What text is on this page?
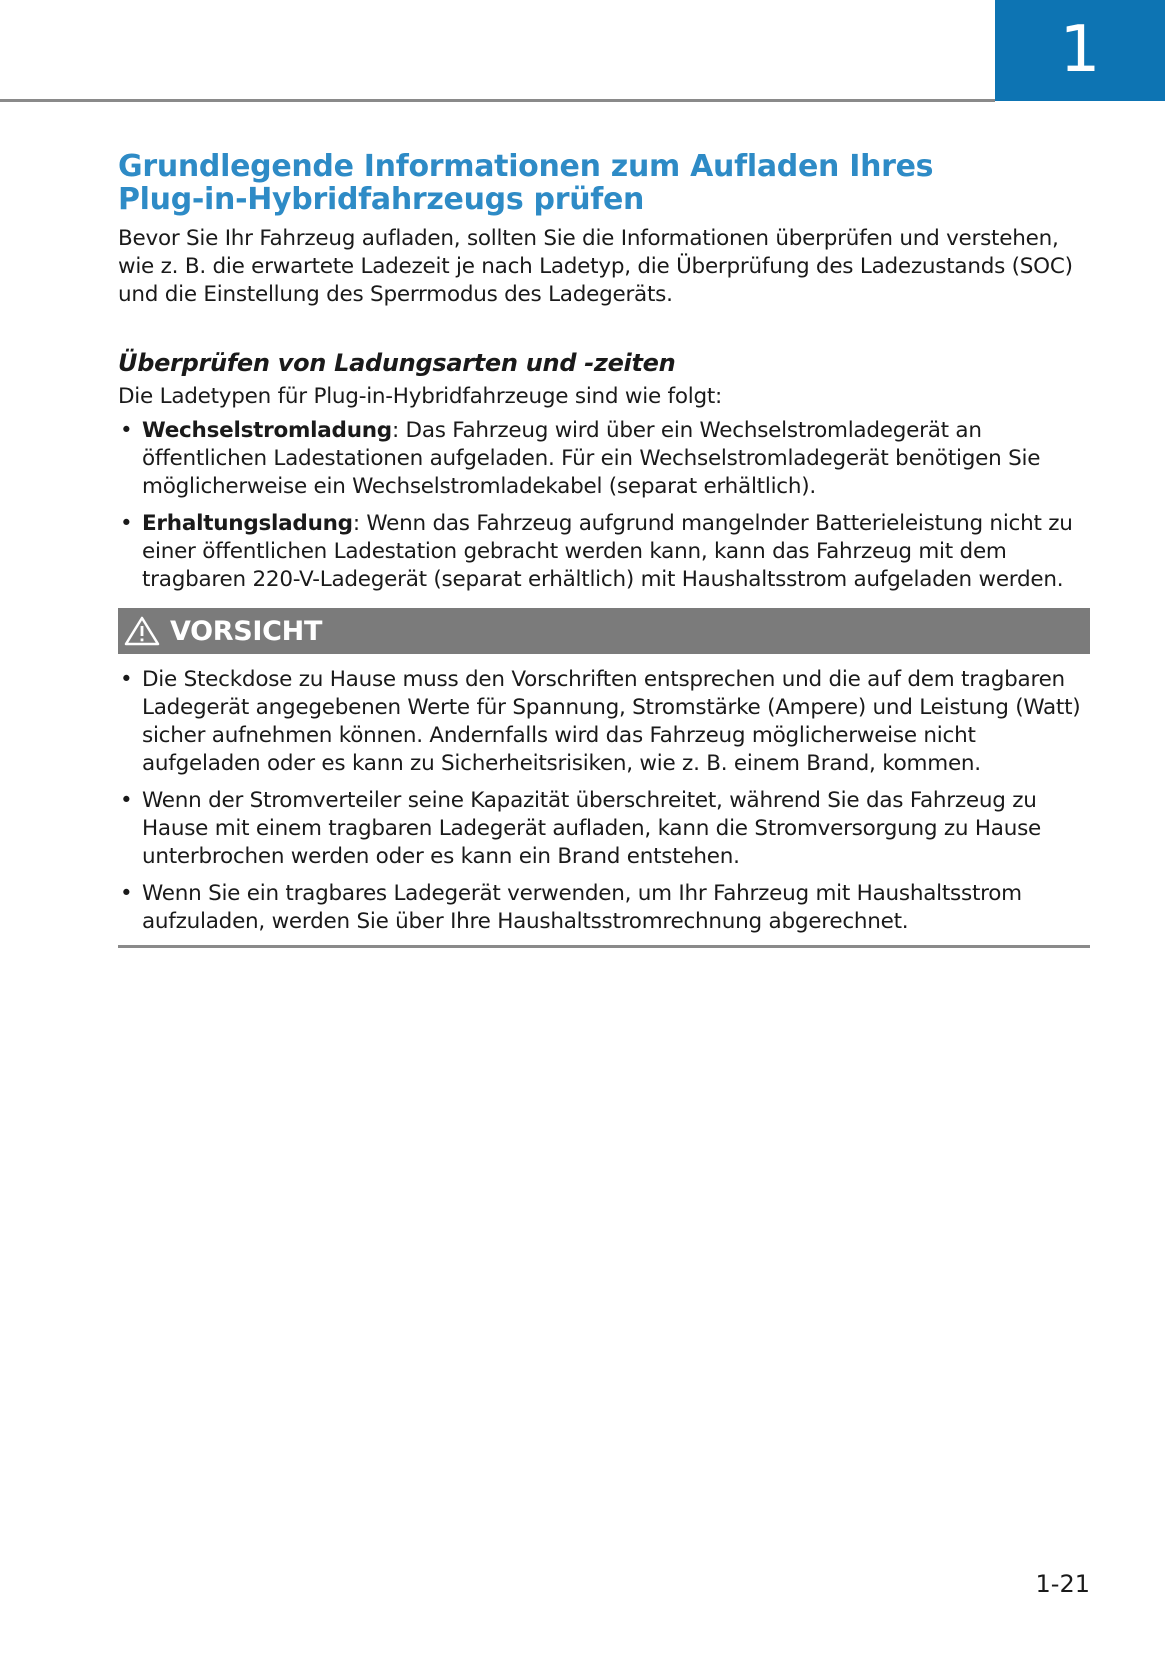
1
Grundlegende Informationen zum Aufladen Ihres
Plug-in-Hybridfahrzeugs prüfen

Bevor Sie Ihr Fahrzeug aufladen, sollten Sie die Informationen überprüfen und verstehen, wie z. B. die erwartete Ladezeit je nach Ladetyp, die Überprüfung des Ladezustands (SOC) und die Einstellung des Sperrmodus des Ladegeräts.

Überprüfen von Ladungsarten und -zeiten

Die Ladetypen für Plug-in-Hybridfahrzeuge sind wie folgt:

• Wechselstromladung: Das Fahrzeug wird über ein Wechselstromladegerät an öffentlichen Ladestationen aufgeladen. Für ein Wechselstromladegerät benötigen Sie möglicherweise ein Wechselstromladekabel (separat erhältlich).
• Erhaltungsladung: Wenn das Fahrzeug aufgrund mangelnder Batterieleistung nicht zu einer öffentlichen Ladestation gebracht werden kann, kann das Fahrzeug mit dem tragbaren 220-V-Ladegerät (separat erhältlich) mit Haushaltsstrom aufgeladen werden.
VORSICHT
• Die Steckdose zu Hause muss den Vorschriften entsprechen und die auf dem tragbaren Ladegerät angegebenen Werte für Spannung, Stromstärke (Ampere) und Leistung (Watt) sicher aufnehmen können. Andernfalls wird das Fahrzeug möglicherweise nicht aufgeladen oder es kann zu Sicherheitsrisiken, wie z. B. einem Brand, kommen.
• Wenn der Stromverteiler seine Kapazität überschreitet, während Sie das Fahrzeug zu Hause mit einem tragbaren Ladegerät aufladen, kann die Stromversorgung zu Hause unterbrochen werden oder es kann ein Brand entstehen.
• Wenn Sie ein tragbares Ladegerät verwenden, um Ihr Fahrzeug mit Haushaltsstrom aufzuladen, werden Sie über Ihre Haushaltsstromrechnung abgerechnet.
1-21
